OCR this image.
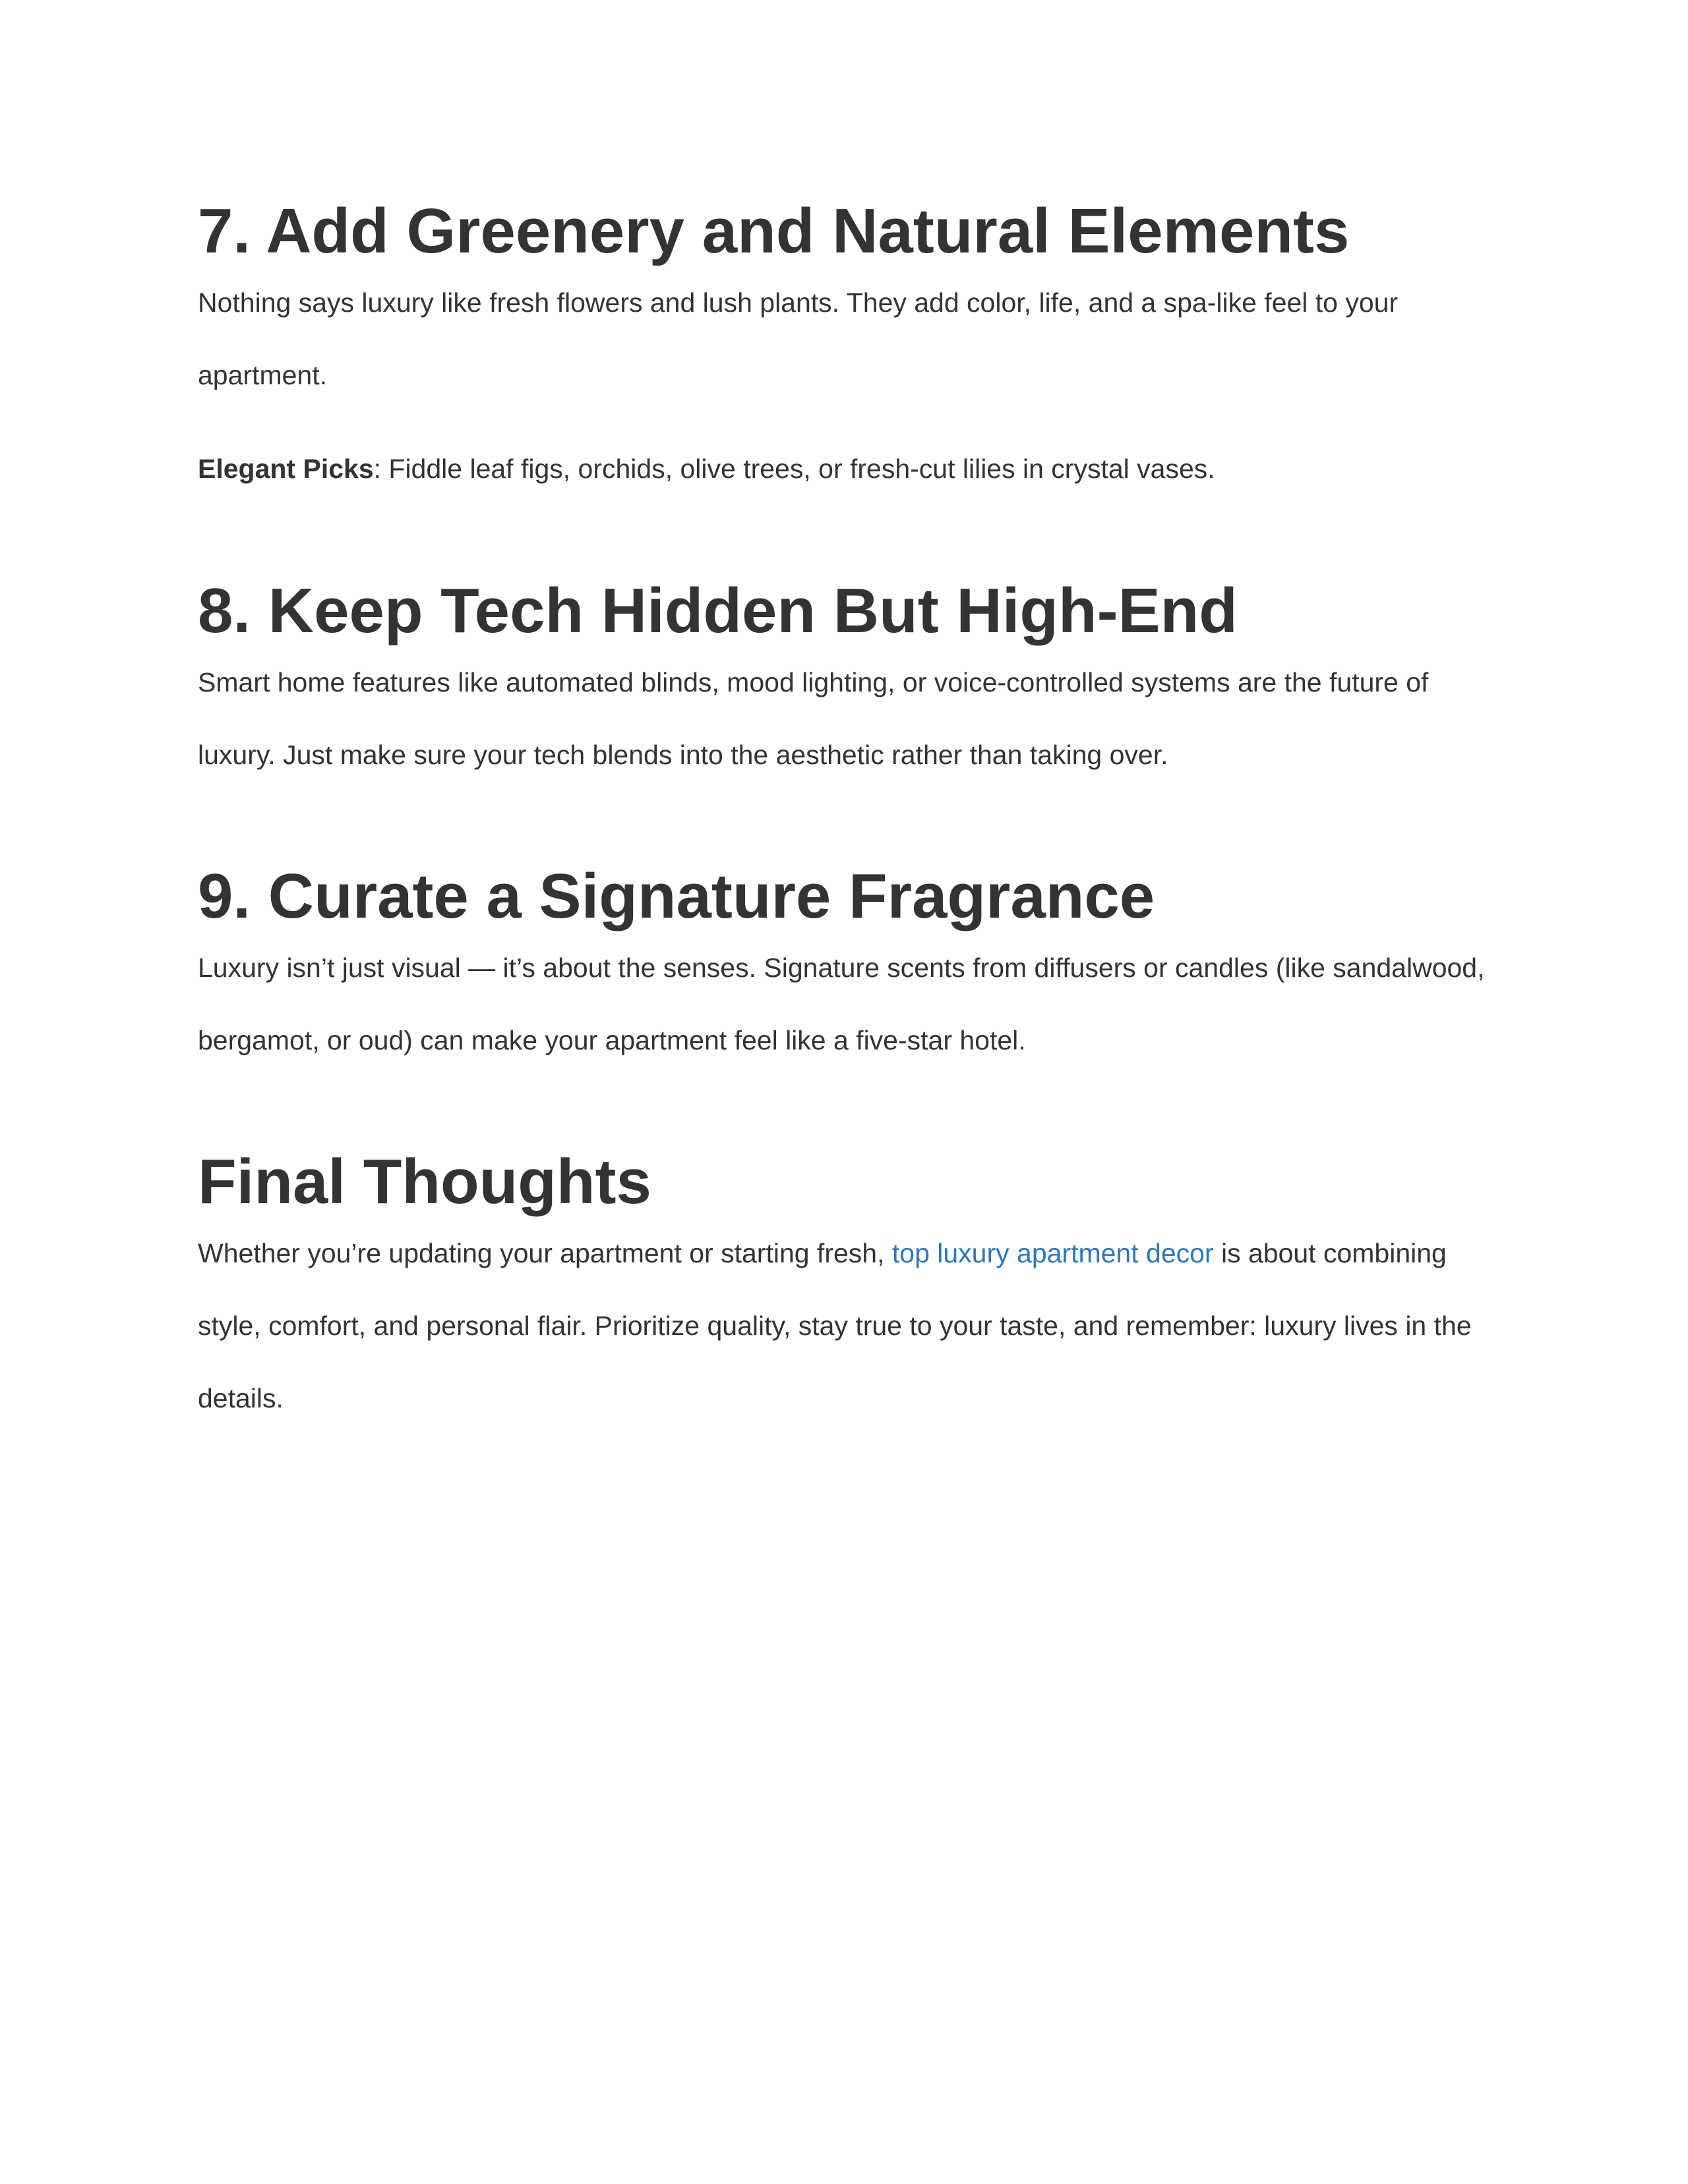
7. Add Greenery and Natural Elements

Nothing says luxury like fresh flowers and lush plants. They add color, life, and a spa-like feel to your apartment.

Elegant Picks: Fiddle leaf figs, orchids, olive trees, or fresh-cut lilies in crystal vases.

8. Keep Tech Hidden But High-End

Smart home features like automated blinds, mood lighting, or voice-controlled systems are the future of luxury. Just make sure your tech blends into the aesthetic rather than taking over.

9. Curate a Signature Fragrance

Luxury isn’t just visual — it’s about the senses. Signature scents from diffusers or candles (like sandalwood, bergamot, or oud) can make your apartment feel like a five-star hotel.

Final Thoughts

Whether you’re updating your apartment or starting fresh, top luxury apartment decor is about combining style, comfort, and personal flair. Prioritize quality, stay true to your taste, and remember: luxury lives in the details.
